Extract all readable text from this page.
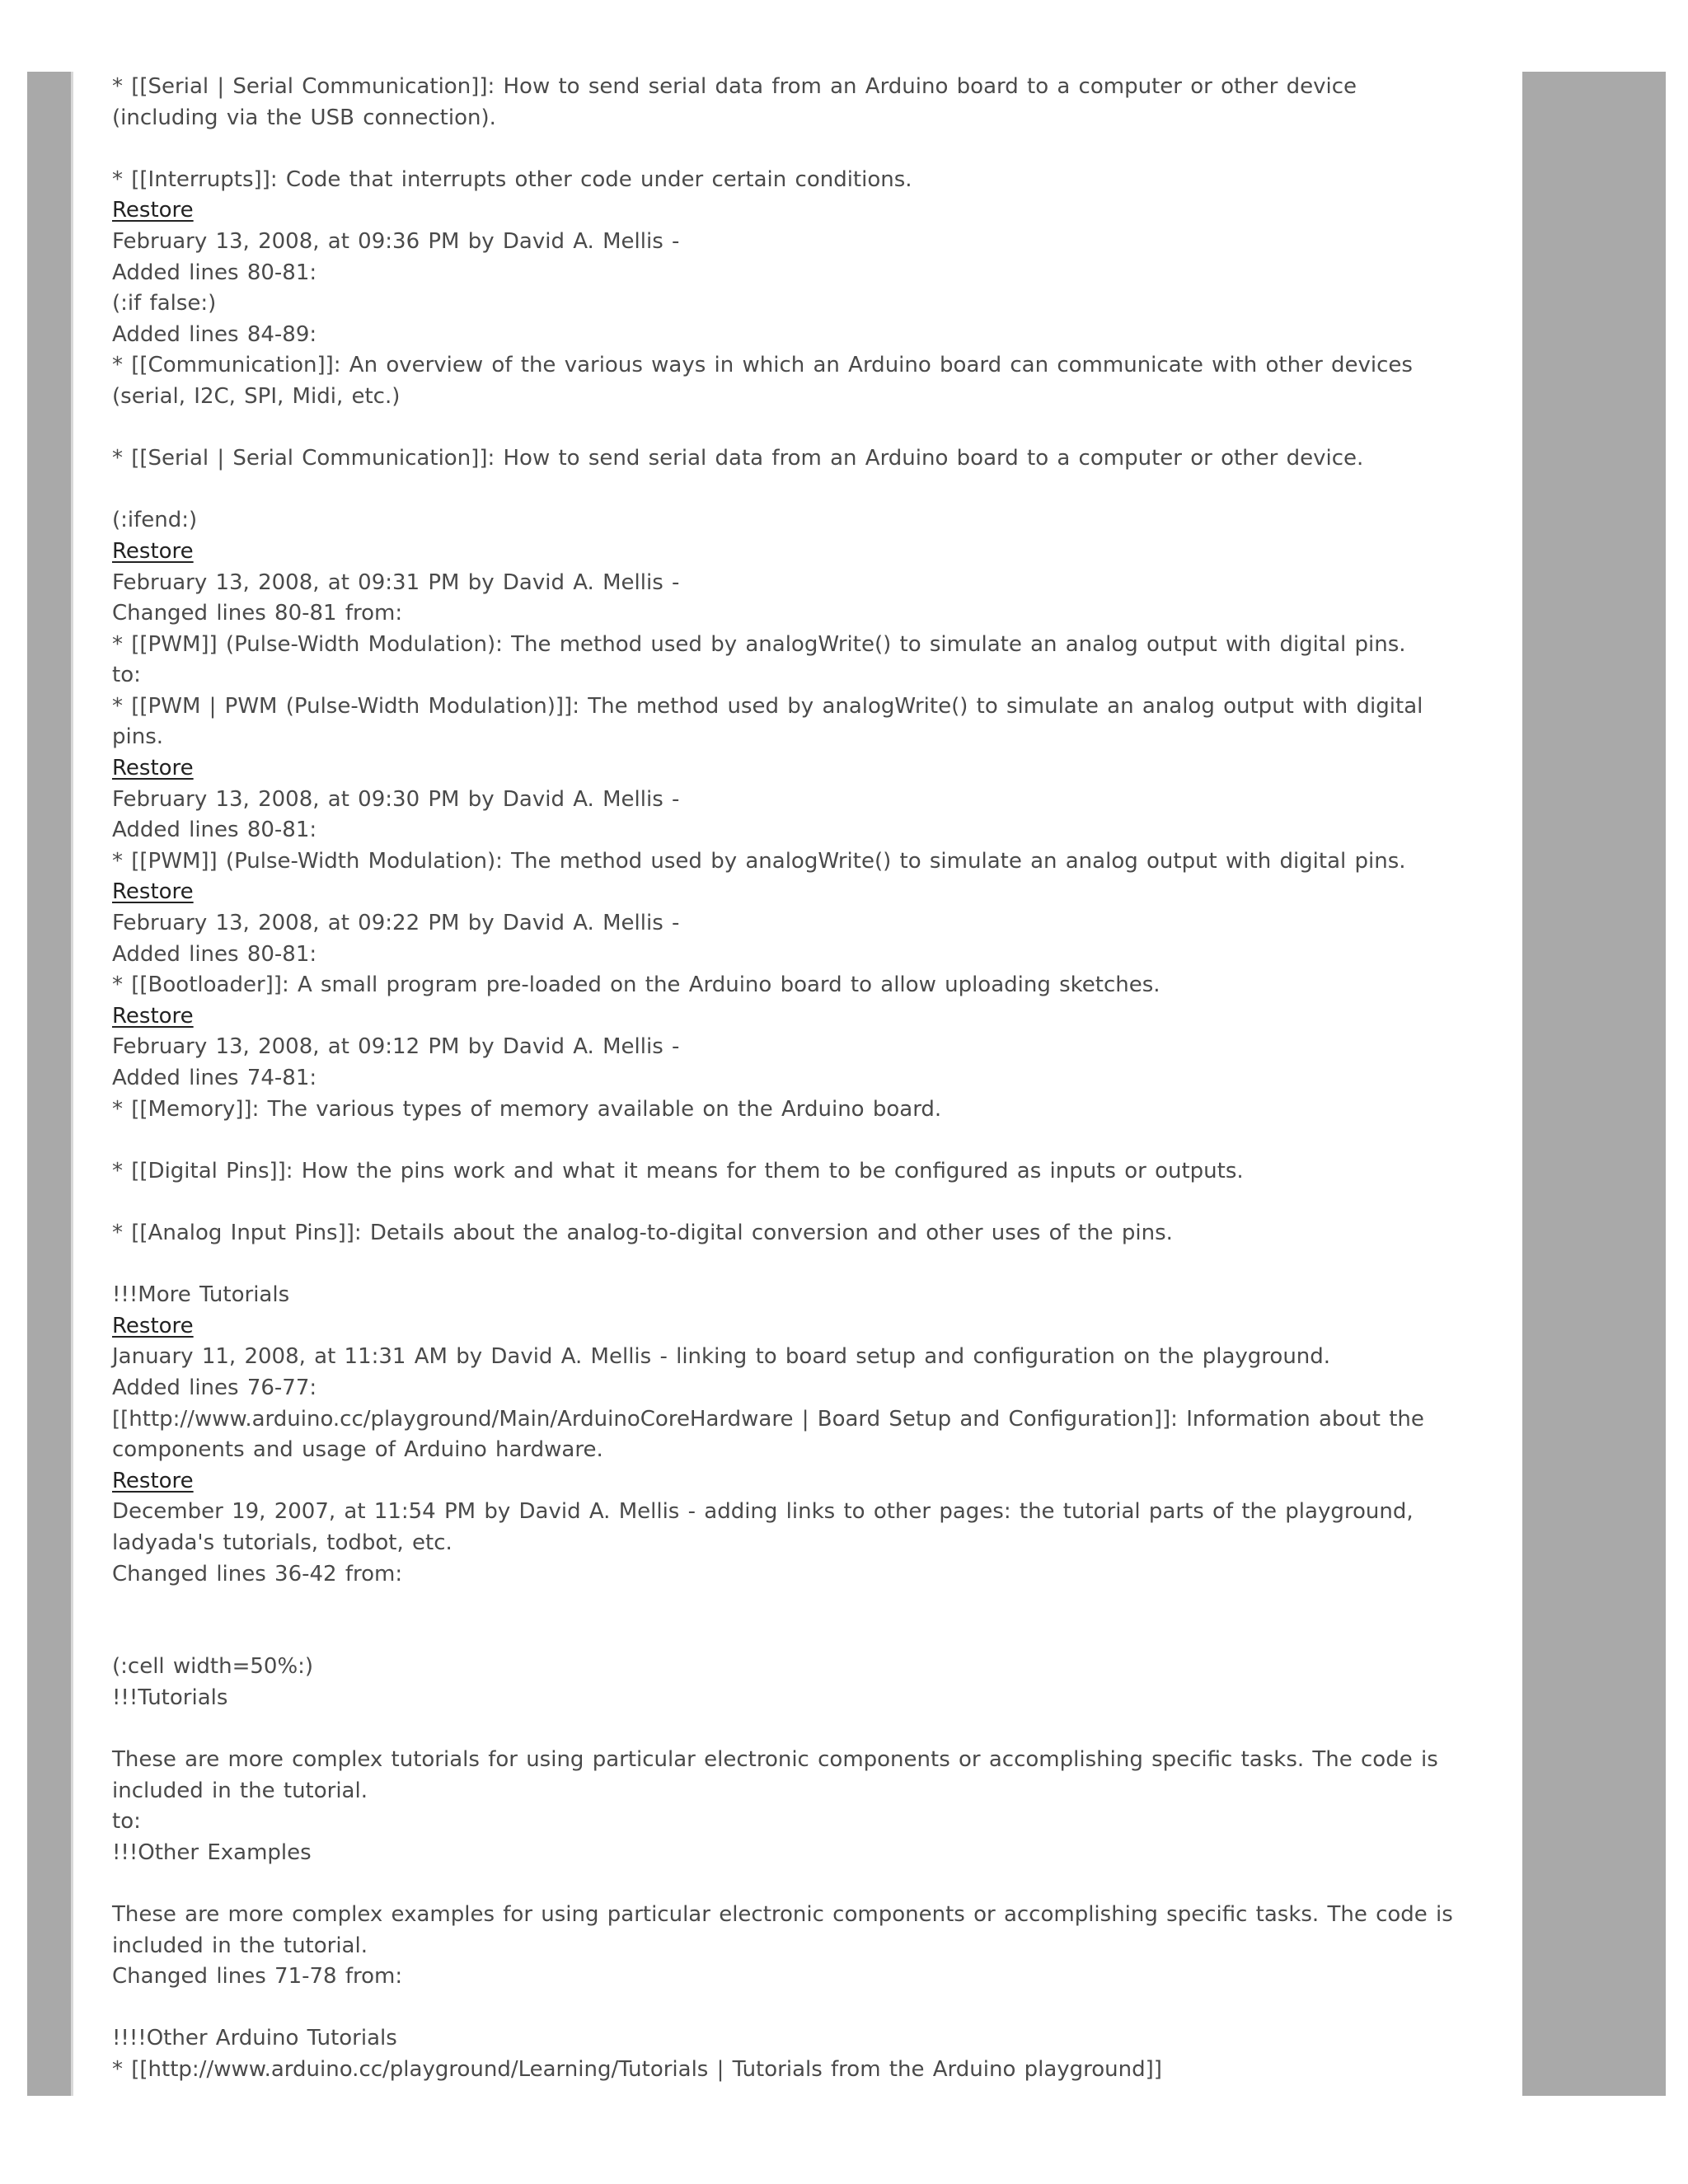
* [[Serial | Serial Communication]]: How to send serial data from an Arduino board to a computer or other device (including via the USB connection).
* [[Interrupts]]: Code that interrupts other code under certain conditions.
Restore
February 13, 2008, at 09:36 PM by David A. Mellis -
Added lines 80-81:
(:if false:)
Added lines 84-89:
* [[Communication]]: An overview of the various ways in which an Arduino board can communicate with other devices (serial, I2C, SPI, Midi, etc.)
* [[Serial | Serial Communication]]: How to send serial data from an Arduino board to a computer or other device.
(:ifend:)
Restore
February 13, 2008, at 09:31 PM by David A. Mellis -
Changed lines 80-81 from:
* [[PWM]] (Pulse-Width Modulation): The method used by analogWrite() to simulate an analog output with digital pins.
to:
* [[PWM | PWM (Pulse-Width Modulation)]]: The method used by analogWrite() to simulate an analog output with digital pins.
Restore
February 13, 2008, at 09:30 PM by David A. Mellis -
Added lines 80-81:
* [[PWM]] (Pulse-Width Modulation): The method used by analogWrite() to simulate an analog output with digital pins.
Restore
February 13, 2008, at 09:22 PM by David A. Mellis -
Added lines 80-81:
* [[Bootloader]]: A small program pre-loaded on the Arduino board to allow uploading sketches.
Restore
February 13, 2008, at 09:12 PM by David A. Mellis -
Added lines 74-81:
* [[Memory]]: The various types of memory available on the Arduino board.
* [[Digital Pins]]: How the pins work and what it means for them to be configured as inputs or outputs.
* [[Analog Input Pins]]: Details about the analog-to-digital conversion and other uses of the pins.
!!!More Tutorials
Restore
January 11, 2008, at 11:31 AM by David A. Mellis - linking to board setup and configuration on the playground.
Added lines 76-77:
[[http://www.arduino.cc/playground/Main/ArduinoCoreHardware | Board Setup and Configuration]]: Information about the components and usage of Arduino hardware.
Restore
December 19, 2007, at 11:54 PM by David A. Mellis - adding links to other pages: the tutorial parts of the playground, ladyada's tutorials, todbot, etc.
Changed lines 36-42 from:
(:cell width=50%:)
!!!Tutorials
These are more complex tutorials for using particular electronic components or accomplishing specific tasks. The code is included in the tutorial.
to:
!!!Other Examples
These are more complex examples for using particular electronic components or accomplishing specific tasks. The code is included in the tutorial.
Changed lines 71-78 from:
!!!!Other Arduino Tutorials
* [[http://www.arduino.cc/playground/Learning/Tutorials | Tutorials from the Arduino playground]]
